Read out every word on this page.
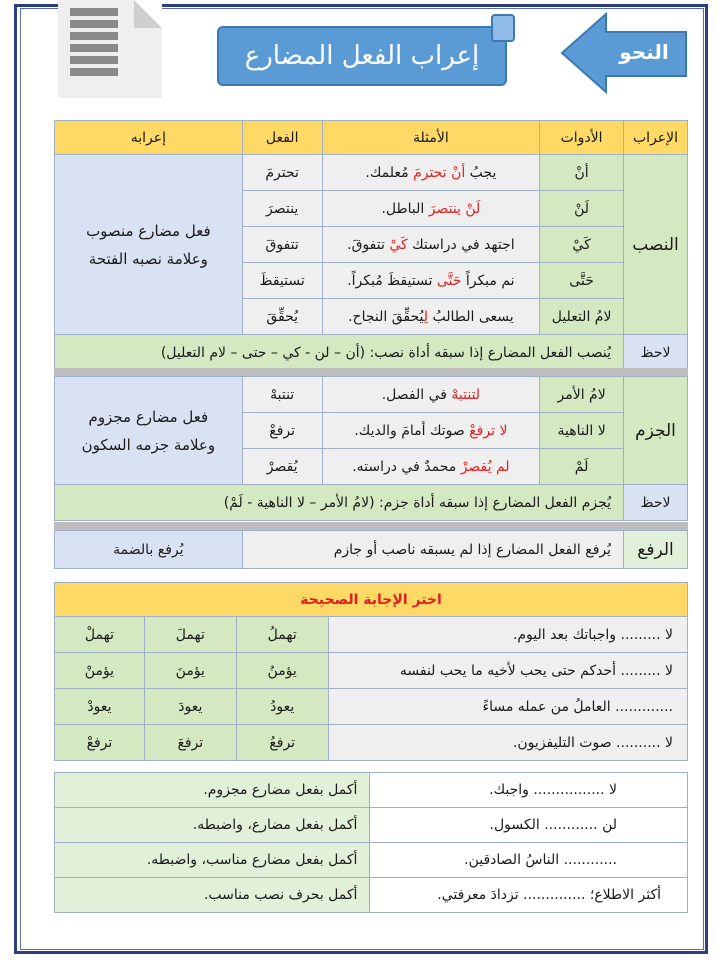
إعراب الفعل المضارع	النحو
الإعراب	الأدوات	الأمثلة	الفعل	إعرابه
النصب	أنْ	يجبُ أنْ تحترمَ مُعلمك.	تحترمَ	فعل مضارع منصوب وعلامة نصبه الفتحة
	لَنْ	لَنْ ينتصرَ الباطل.	ينتصرَ	
	كَيْ	اجتهد في دراستك كَيْ تتفوقَ.	تتفوقَ	
	حَتَّى	نم مبكراً حَتَّى تستيقظَ مُبكراً.	تستيقظَ	
	لامُ التعليل	يسعى الطالبُ لِيُحقِّقَ النجاح.	يُحقِّقَ	
لاحظ	يُنصب الفعل المضارع إذا سبقه أداة نصب: (أن – لن - كي – حتى – لام التعليل)			
الجزم	لامُ الأمر	لتنتبهْ في الفصل.	تنتبهْ	فعل مضارع مجزوم وعلامة جزمه السكون
	لا الناهية	لا ترفعْ صوتك أمامَ والديك.	ترفعْ	
	لَمْ	لم يُقصرْ محمدٌ في دراسته.	يُقصرْ	
لاحظ	يُجزم الفعل المضارع إذا سبقه أداة جزم: (لامُ الأمر – لا الناهية - لَمْ)			
الرفع	يُرفع الفعل المضارع إذا لم يسبقه ناصب أو جازم	يُرفع بالضمة
اختر الإجابة الصحيحة			
لا ......... واجباتك بعد اليوم.	تهملُ	تهملَ	تهملْ
لا ......... أحدكم حتى يحب لأخيه ما يحب لنفسه	يؤمنُ	يؤمنَ	يؤمنْ
............. العاملُ من عمله مساءً	يعودُ	يعودَ	يعودْ
لا .......... صوت التليفزيون.	ترفعُ	ترفعَ	ترفعْ
لا ................ واجبك.	أكمل بفعل مضارع مجزوم.
لن ............ الكسول.	أكمل بفعل مضارع، واضبطه.
............ الناسُ الصادقين.	أكمل بفعل مضارع مناسب، واضبطه.
أكثر الاطلاع؛ .............. تزدادَ معرفتي.	أكمل بحرف نصب مناسب.
